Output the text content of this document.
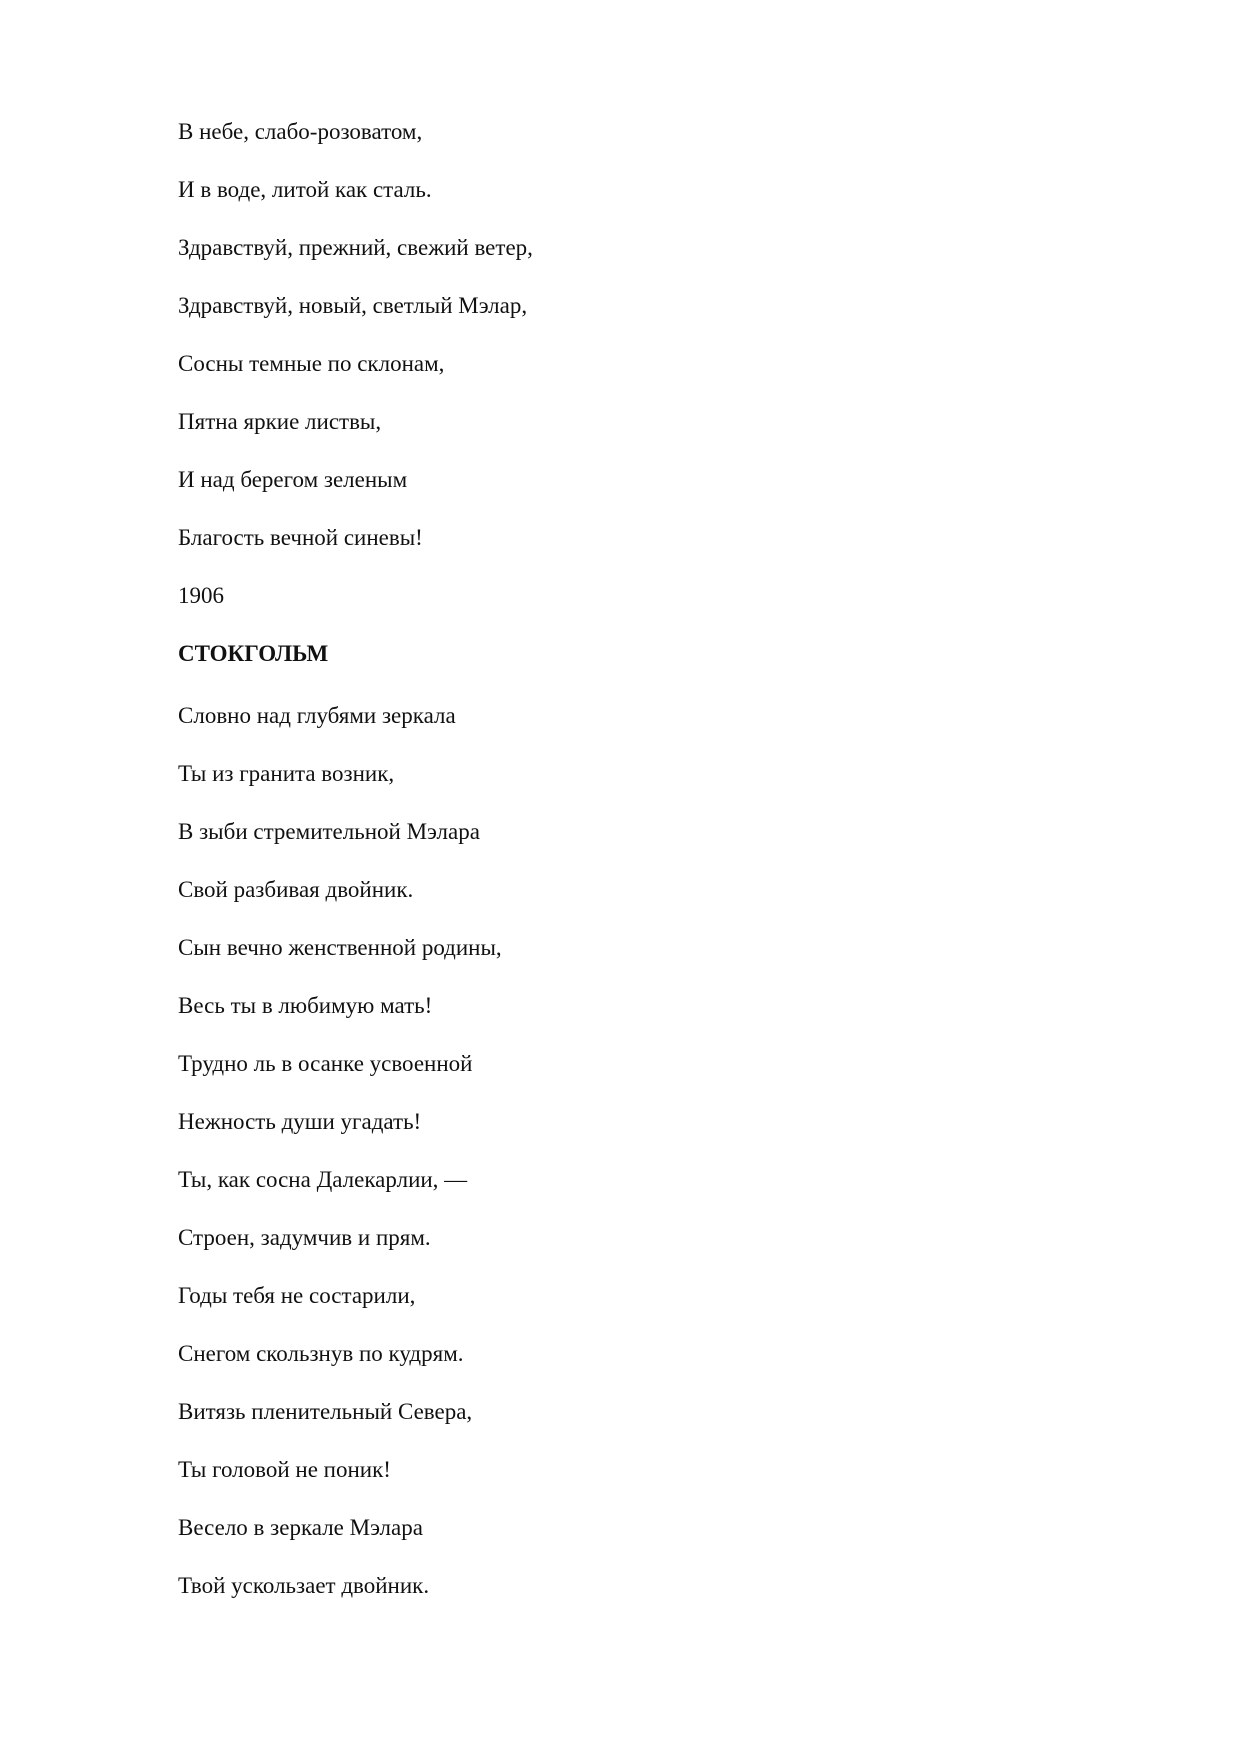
В небе, слабо-розоватом,
И в воде, литой как сталь.
Здравствуй, прежний, свежий ветер,
Здравствуй, новый, светлый Мэлар,
Сосны темные по склонам,
Пятна яркие листвы,
И над берегом зеленым
Благость вечной синевы!
1906
СТОКГОЛЬМ
Словно над глубями зеркала
Ты из гранита возник,
В зыби стремительной Мэлара
Свой разбивая двойник.
Сын вечно женственной родины,
Весь ты в любимую мать!
Трудно ль в осанке усвоенной
Нежность души угадать!
Ты, как сосна Далекарлии, —
Строен, задумчив и прям.
Годы тебя не состарили,
Снегом скользнув по кудрям.
Витязь пленительный Севера,
Ты головой не поник!
Весело в зеркале Мэлара
Твой ускользает двойник.
